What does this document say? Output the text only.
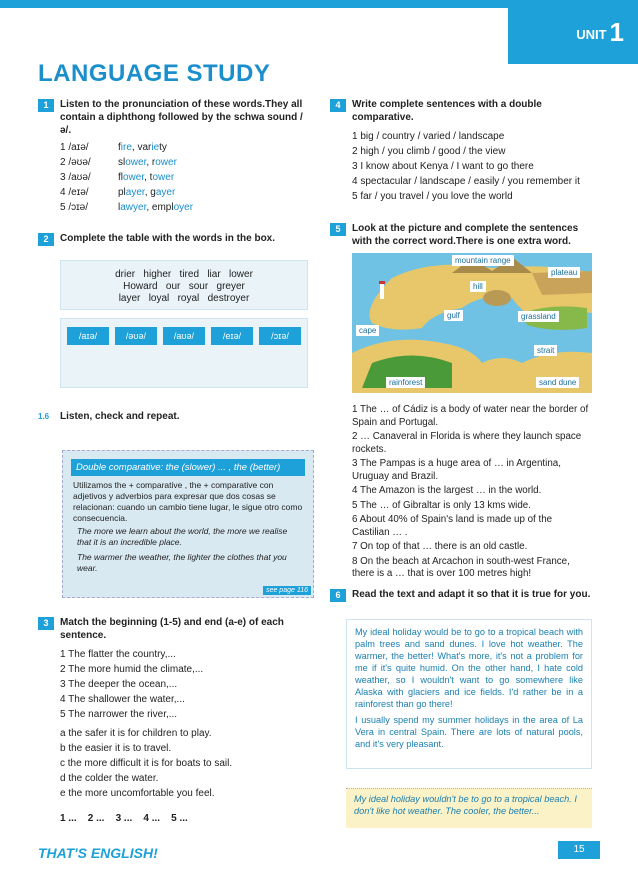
UNIT 1
LANGUAGE STUDY
1	Listen to the pronunciation of these words.They all contain a diphthong followed by the schwa sound /ə/.
1 /aɪə/	fire, variety
2 /əʊə/	slower, rower
3 /aʊə/	flower, tower
4 /eɪə/	player, gayer
5 /ɔɪə/	lawyer, employer
2	Complete the table with the words in the box.
drier   higher   tired   liar   lower
Howard   our   sour   greyer
layer   loyal   royal   destroyer
/aɪə/	/əʊə/	/aʊə/	/eɪə/	/ɔɪə/
1.6 Listen, check and repeat.
Double comparative: the (slower) ... , the (better)
Utilizamos the + comparative , the + comparative con adjetivos y adverbios para expresar que dos cosas se relacionan: cuando un cambio tiene lugar, le sigue otro como consecuencia.
The more we learn about the world, the more we realise that it is an incredible place.
The warmer the weather, the lighter the clothes that you wear.
see page 116
3	Match the beginning (1-5) and end (a-e) of each sentence.
1 The flatter the country,...
2 The more humid the climate,...
3 The deeper the ocean,...
4 The shallower the water,...
5 The narrower the river,...
a the safer it is for children to play.
b the easier it is to travel.
c the more difficult it is for boats to sail.
d the colder the water.
e the more uncomfortable you feel.
1 ...    2 ...    3 ...    4 ...    5 ...
4	Write complete sentences with a double comparative.
1 big / country / varied / landscape
2 high / you climb / good / the view
3 I know about Kenya / I want to go there
4 spectacular / landscape / easily / you remember it
5 far / you travel / you love the world
5	Look at the picture and complete the sentences with the correct word.There is one extra word.
mountain range
plateau
hill
gulf	grassland
cape
strait
rainforest	sand dune
1 The … of Cádiz is a body of water near the border of Spain and Portugal.
2 … Canaveral in Florida is where they launch space rockets.
3 The Pampas is a huge area of … in Argentina, Uruguay and Brazil.
4 The Amazon is the largest … in the world.
5 The … of Gibraltar is only 13 kms wide.
6 About 40% of Spain's land is made up of the Castilian … .
7 On top of that … there is an old castle.
8 On the beach at Arcachon in south-west France, there is a … that is over 100 metres high!
6	Read the text and adapt it so that it is true for you.

My ideal holiday would be to go to a tropical beach with palm trees and sand dunes. I love hot weather. The warmer, the better! What's more, it's not a problem for me if it's quite humid. On the other hand, I hate cold weather, so I wouldn't want to go somewhere like Alaska with glaciers and ice fields. I'd rather be in a rainforest than go there!

I usually spend my summer holidays in the area of La Vera in central Spain. There are lots of natural pools, and it's very pleasant.

My ideal holiday wouldn't be to go to a tropical beach. I don't like hot weather. The cooler, the better...
THAT'S ENGLISH!	15
